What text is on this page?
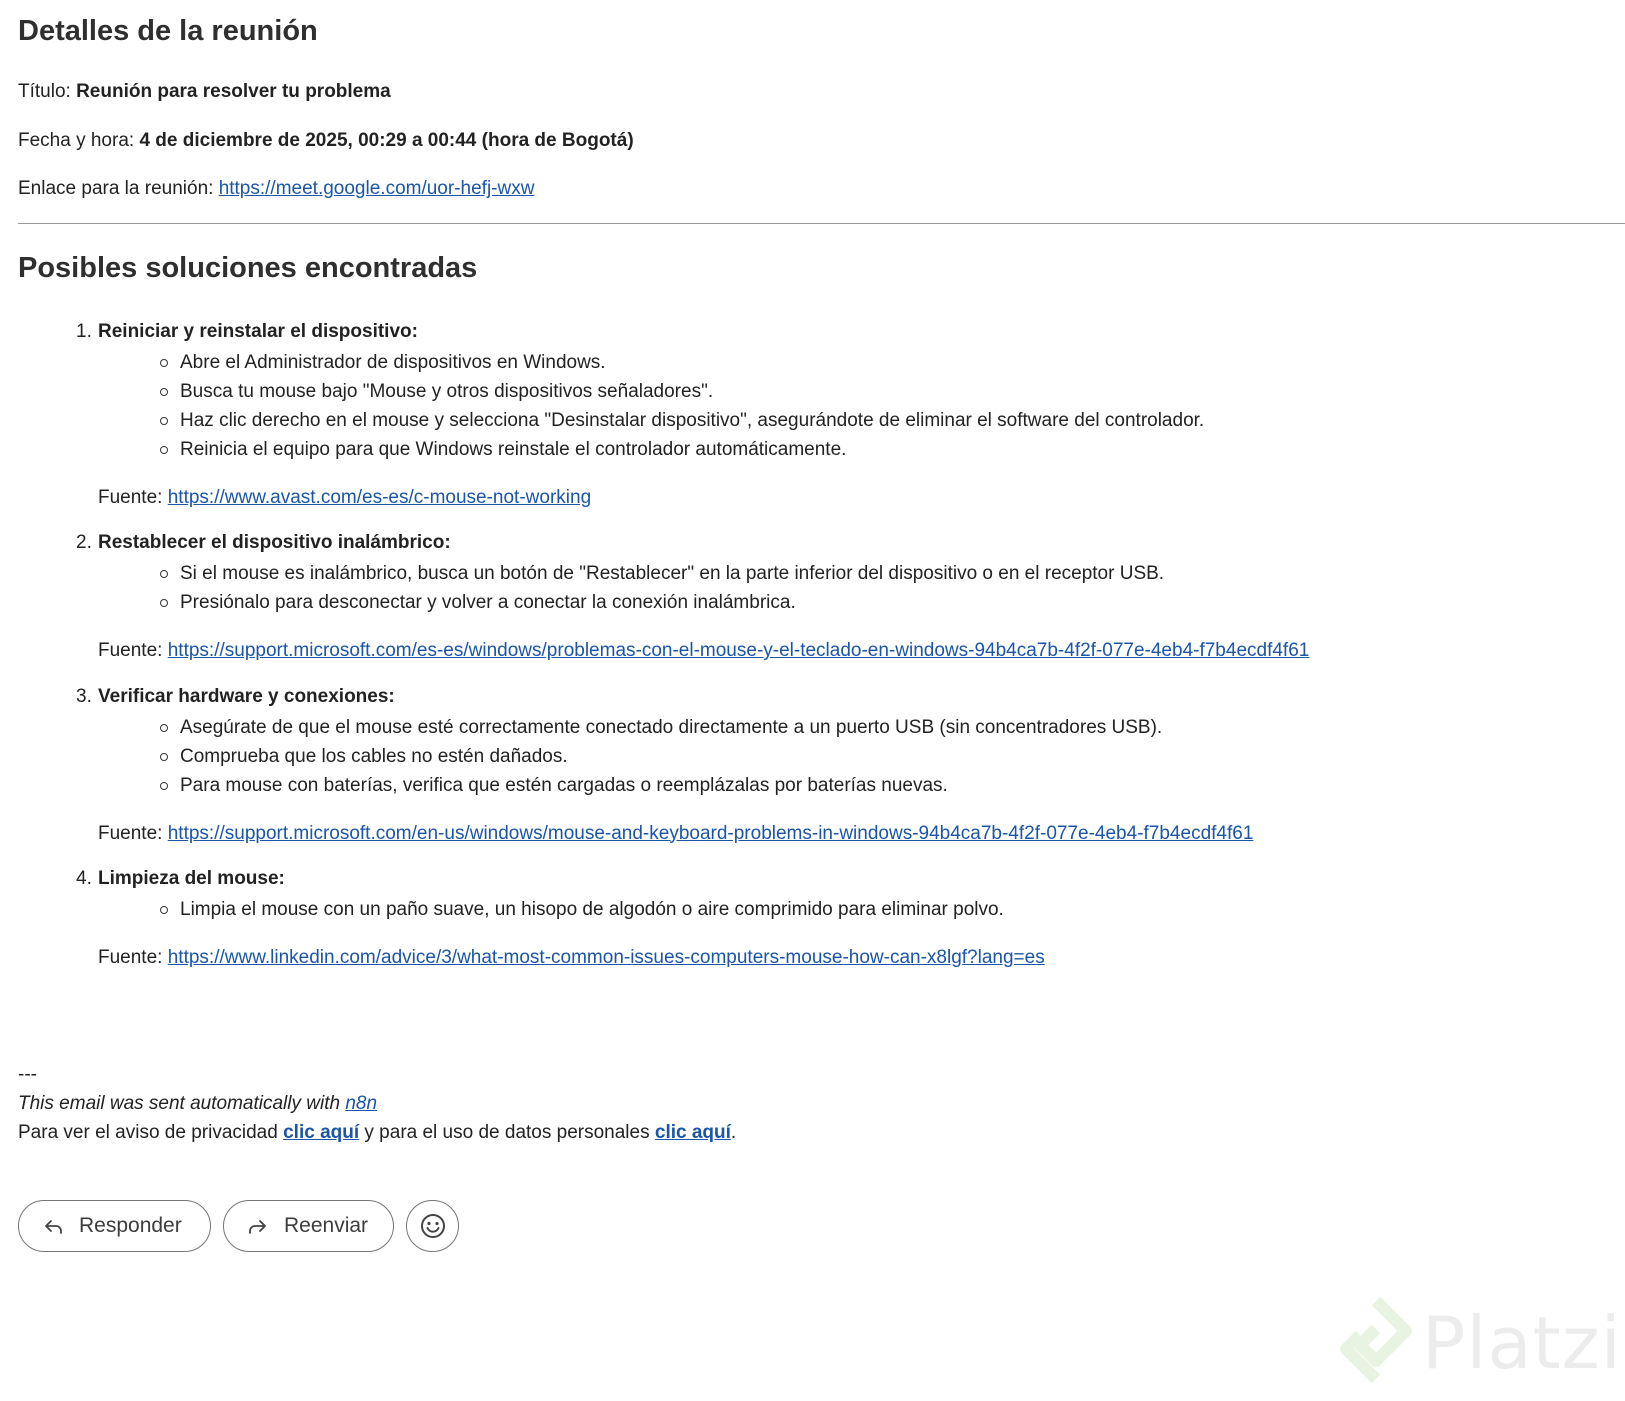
Detalles de la reunión

Título: Reunión para resolver tu problema

Fecha y hora: 4 de diciembre de 2025, 00:29 a 00:44 (hora de Bogotá)

Enlace para la reunión: https://meet.google.com/uor-hefj-wxw

Posibles soluciones encontradas
1. Reiniciar y reinstalar el dispositivo:
Abre el Administrador de dispositivos en Windows.
Busca tu mouse bajo "Mouse y otros dispositivos señaladores".
Haz clic derecho en el mouse y selecciona "Desinstalar dispositivo", asegurándote de eliminar el software del controlador.
Reinicia el equipo para que Windows reinstale el controlador automáticamente.
Fuente: https://www.avast.com/es-es/c-mouse-not-working
2. Restablecer el dispositivo inalámbrico:
Si el mouse es inalámbrico, busca un botón de "Restablecer" en la parte inferior del dispositivo o en el receptor USB.
Presiónalo para desconectar y volver a conectar la conexión inalámbrica.
Fuente: https://support.microsoft.com/es-es/windows/problemas-con-el-mouse-y-el-teclado-en-windows-94b4ca7b-4f2f-077e-4eb4-f7b4ecdf4f61
3. Verificar hardware y conexiones:
Asegúrate de que el mouse esté correctamente conectado directamente a un puerto USB (sin concentradores USB).
Comprueba que los cables no estén dañados.
Para mouse con baterías, verifica que estén cargadas o reemplázalas por baterías nuevas.
Fuente: https://support.microsoft.com/en-us/windows/mouse-and-keyboard-problems-in-windows-94b4ca7b-4f2f-077e-4eb4-f7b4ecdf4f61
4. Limpieza del mouse:
Limpia el mouse con un paño suave, un hisopo de algodón o aire comprimido para eliminar polvo.
Fuente: https://www.linkedin.com/advice/3/what-most-common-issues-computers-mouse-how-can-x8lgf?lang=es
---
This email was sent automatically with n8n
Para ver el aviso de privacidad clic aquí y para el uso de datos personales clic aquí.
Responder	Reenviar
Platzi
